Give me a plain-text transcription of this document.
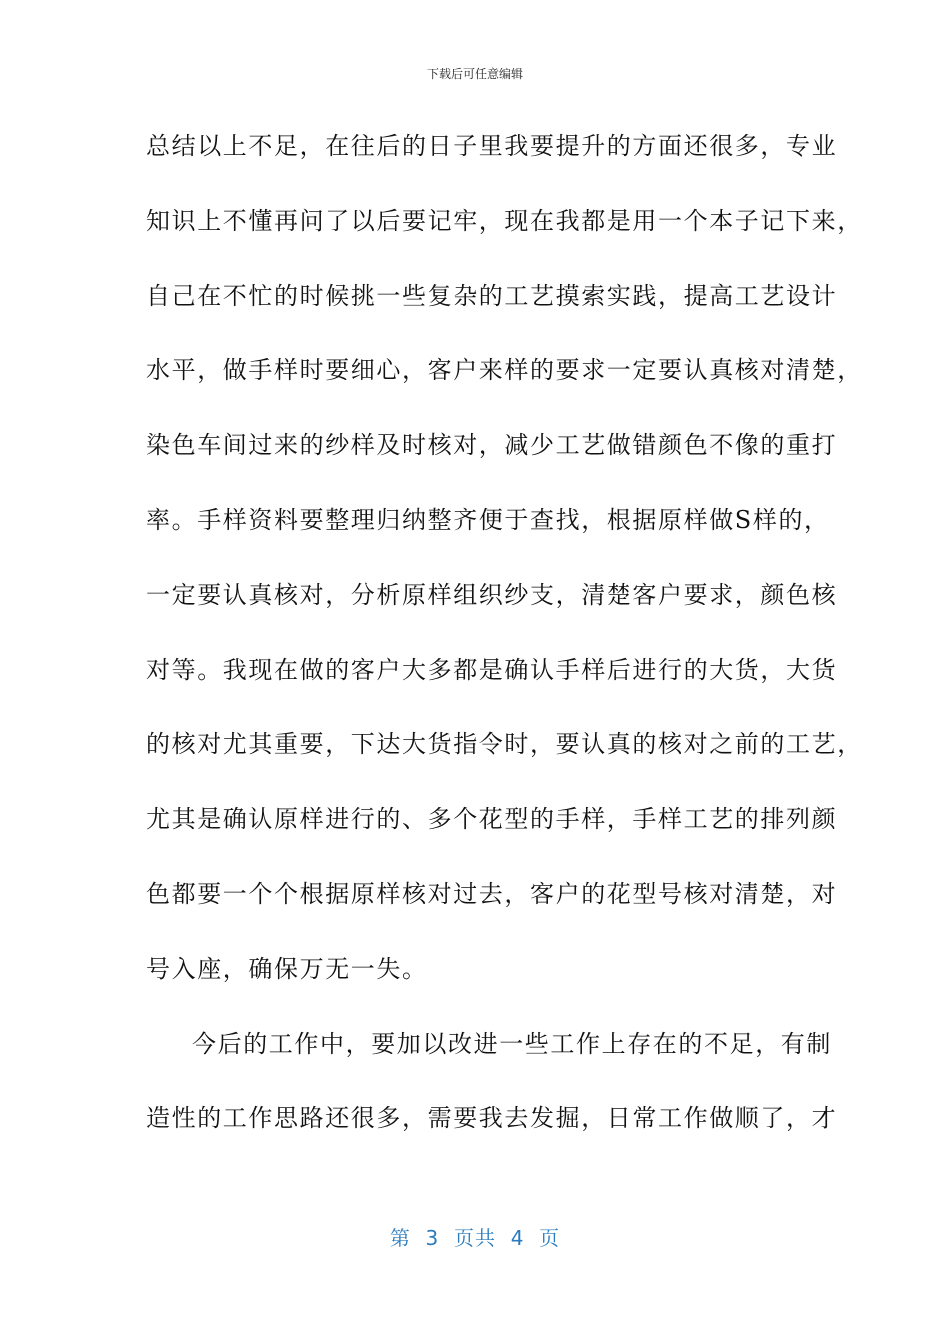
下载后可任意编辑
总结以上不足，在往后的日子里我要提升的方面还很多，专业
知识上不懂再问了以后要记牢，现在我都是用一个本子记下来，
自己在不忙的时候挑一些复杂的工艺摸索实践，提高工艺设计
水平，做手样时要细心，客户来样的要求一定要认真核对清楚，
染色车间过来的纱样及时核对，减少工艺做错颜色不像的重打
率。手样资料要整理归纳整齐便于查找，根据原样做S样的，
一定要认真核对，分析原样组织纱支，清楚客户要求，颜色核
对等。我现在做的客户大多都是确认手样后进行的大货，大货
的核对尤其重要，下达大货指令时，要认真的核对之前的工艺，
尤其是确认原样进行的、多个花型的手样，手样工艺的排列颜
色都要一个个根据原样核对过去，客户的花型号核对清楚，对
号入座，确保万无一失。
今后的工作中，要加以改进一些工作上存在的不足，有制
造性的工作思路还很多，需要我去发掘，日常工作做顺了，才
第  3  页共  4  页
